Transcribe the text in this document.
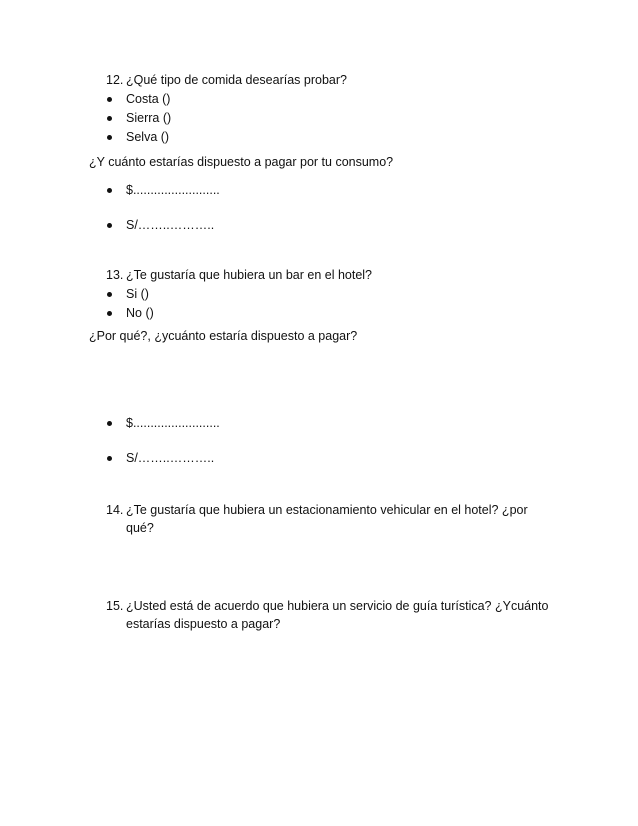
12. ¿Qué tipo de comida desearías probar?
Costa ()
Sierra ()
Selva ()
¿Y cuánto estarías dispuesto a pagar por tu consumo?
$.........................
S/……..………..
13. ¿Te gustaría que hubiera un bar en el hotel?
Si ()
No ()
¿Por qué?, ¿ycuánto estaría dispuesto a pagar?
$.........................
S/……..………..
14. ¿Te gustaría que hubiera un estacionamiento vehicular en el hotel? ¿por
qué?
15. ¿Usted está de acuerdo que hubiera un servicio de guía turística? ¿Ycuánto
estarías dispuesto a pagar?
